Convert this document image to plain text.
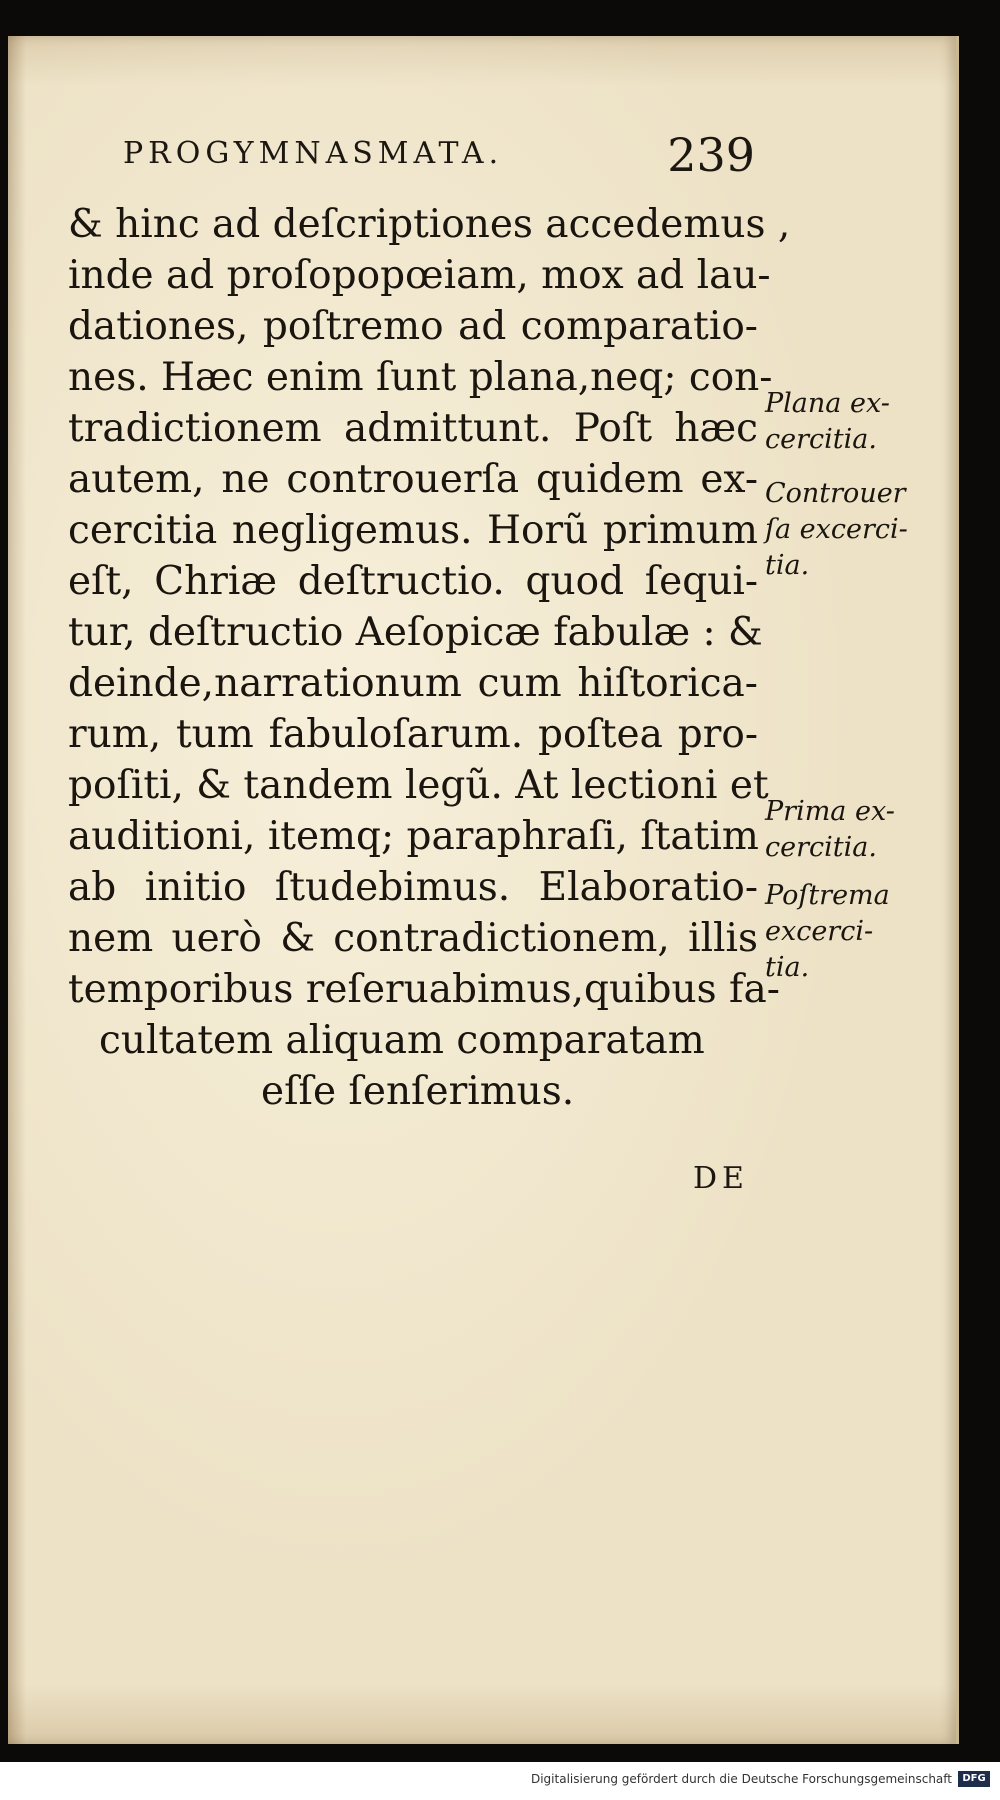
PROGYMNASMATA.	239
& hinc ad deſcriptiones accedemus ,
inde ad proſopopœiam, mox ad lau-
dationes, poſtremo ad comparatio-
nes. Hæc enim ſunt plana,neq; con-
tradictionem admittunt. Poſt hæc
autem, ne controuerſa quidem ex-
cercitia negligemus. Horũ primum
eſt, Chriæ deſtructio. quod ſequi-
tur, deſtructio Aeſopicæ fabulæ : &
deinde,narrationum cum hiſtorica-
rum, tum fabuloſarum. poſtea pro-
poſiti, & tandem legũ. At lectioni et
auditioni, itemq; paraphraſi, ſtatim
ab initio ſtudebimus. Elaboratio-
nem uerò & contradictionem, illis
temporibus reſeruabimus,quibus fa-
cultatem aliquam comparatam
eſſe ſenſerimus.
DE
Plana ex-
cercitia.
Controuer
ſa excerci-
tia.
Prima ex-
cercitia.
Poſtrema
excerci-
tia.
Digitalisierung gefördert durch die Deutsche Forschungsgemeinschaft	DFG
